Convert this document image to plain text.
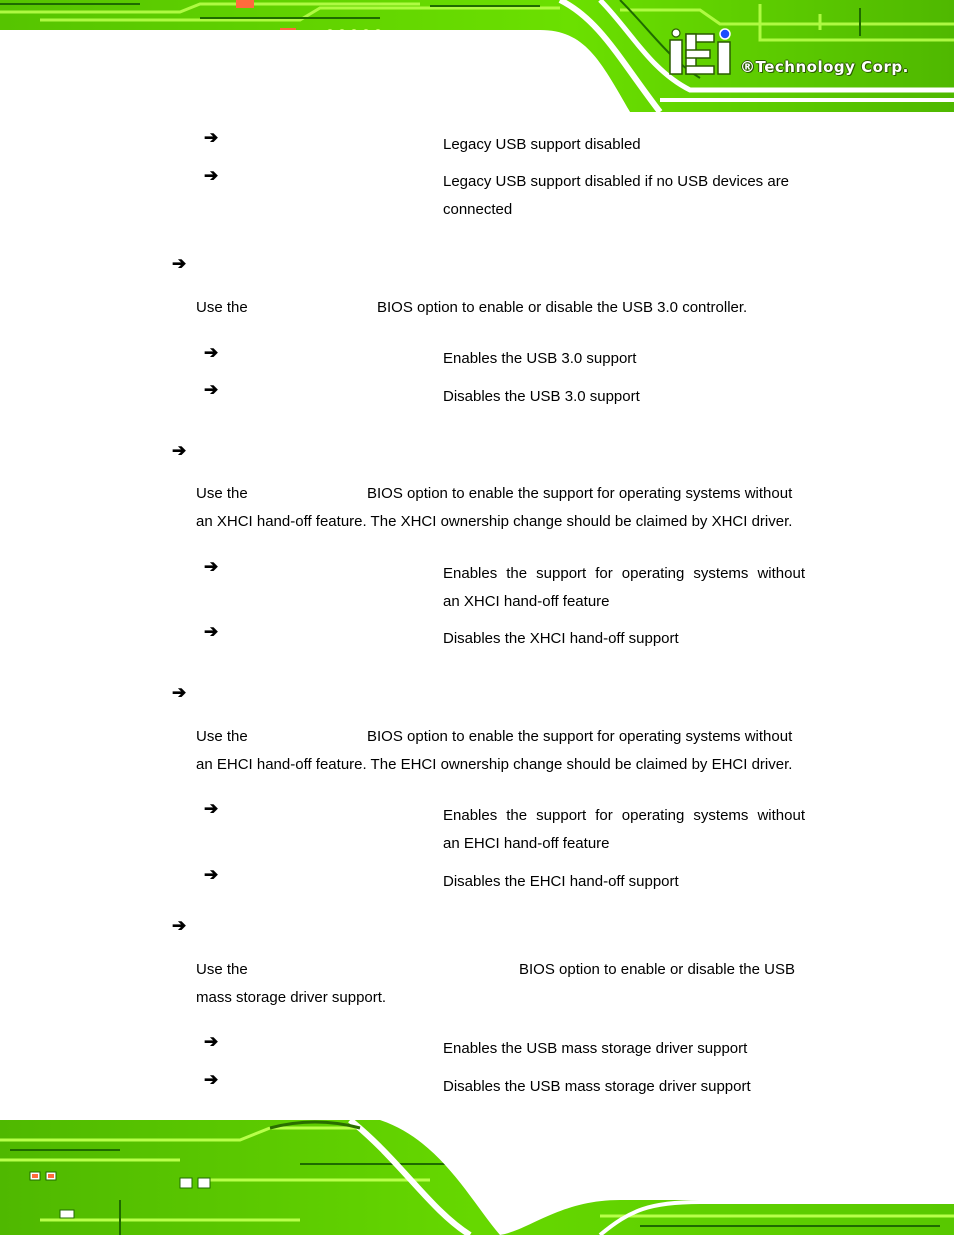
®Technology Corp.
➔	Legacy USB support disabled
➔	Legacy USB support disabled if no USB devices are
connected
➔
Use the	BIOS option to enable or disable the USB 3.0 controller.
➔	Enables the USB 3.0 support
➔	Disables the USB 3.0 support
➔
Use the	BIOS option to enable the support for operating systems without
an XHCI hand-off feature. The XHCI ownership change should be claimed by XHCI driver.
➔	Enables the support for operating systems without
an XHCI hand-off feature
➔	Disables the XHCI hand-off support
➔
Use the	BIOS option to enable the support for operating systems without
an EHCI hand-off feature. The EHCI ownership change should be claimed by EHCI driver.
➔	Enables the support for operating systems without
an EHCI hand-off feature
➔	Disables the EHCI hand-off support
➔
Use the	BIOS option to enable or disable the USB
mass storage driver support.
➔	Enables the USB mass storage driver support
➔	Disables the USB mass storage driver support
